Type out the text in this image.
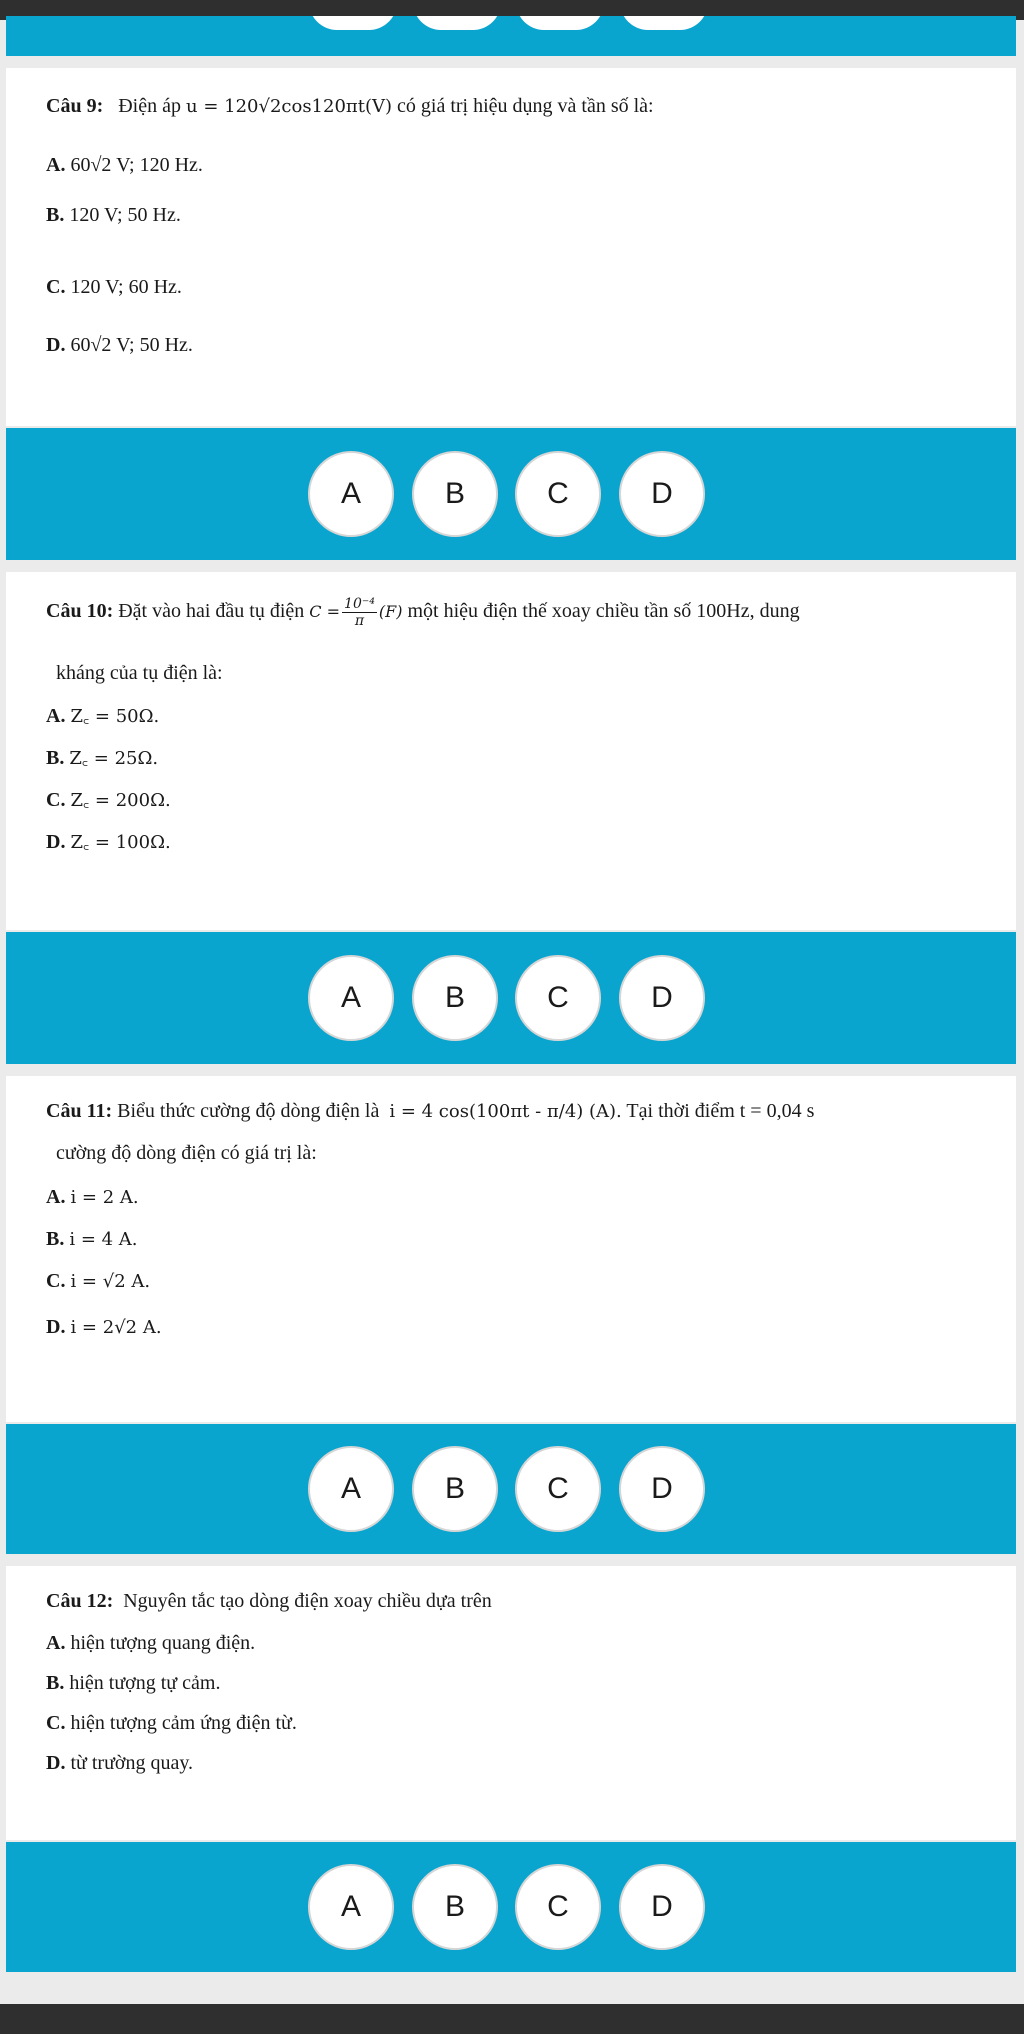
Câu 9: Điện áp u = 120√2cos120πt(V) có giá trị hiệu dụng và tần số là:
A. 60√2 V; 120 Hz.
B. 120 V; 50 Hz.
C. 120 V; 60 Hz.
D. 60√2 V; 50 Hz.
A	B	C	D
Câu 10: Đặt vào hai đầu tụ điện $C = \frac{\text{10⁻⁴}}{\pi} (F)$ một hiệu điện thế xoay chiều tần số 100Hz, dung
kháng của tụ điện là:
A. Z꜀ = 50Ω.
B. Z꜀ = 25Ω.
C. Z꜀ = 200Ω.
D. Z꜀ = 100Ω.
A	B	C	D
Câu 11: Biểu thức cường độ dòng điện là i = 4 cos(100πt - π/4) (A). Tại thời điểm t = 0,04 s
cường độ dòng điện có giá trị là:
A. i = 2 A.
B. i = 4 A.
C. i = √2 A.
D. i = 2√2 A.
A	B	C	D
Câu 12: Nguyên tắc tạo dòng điện xoay chiều dựa trên
A. hiện tượng quang điện.
B. hiện tượng tự cảm.
C. hiện tượng cảm ứng điện từ.
D. từ trường quay.
A	B	C	D
